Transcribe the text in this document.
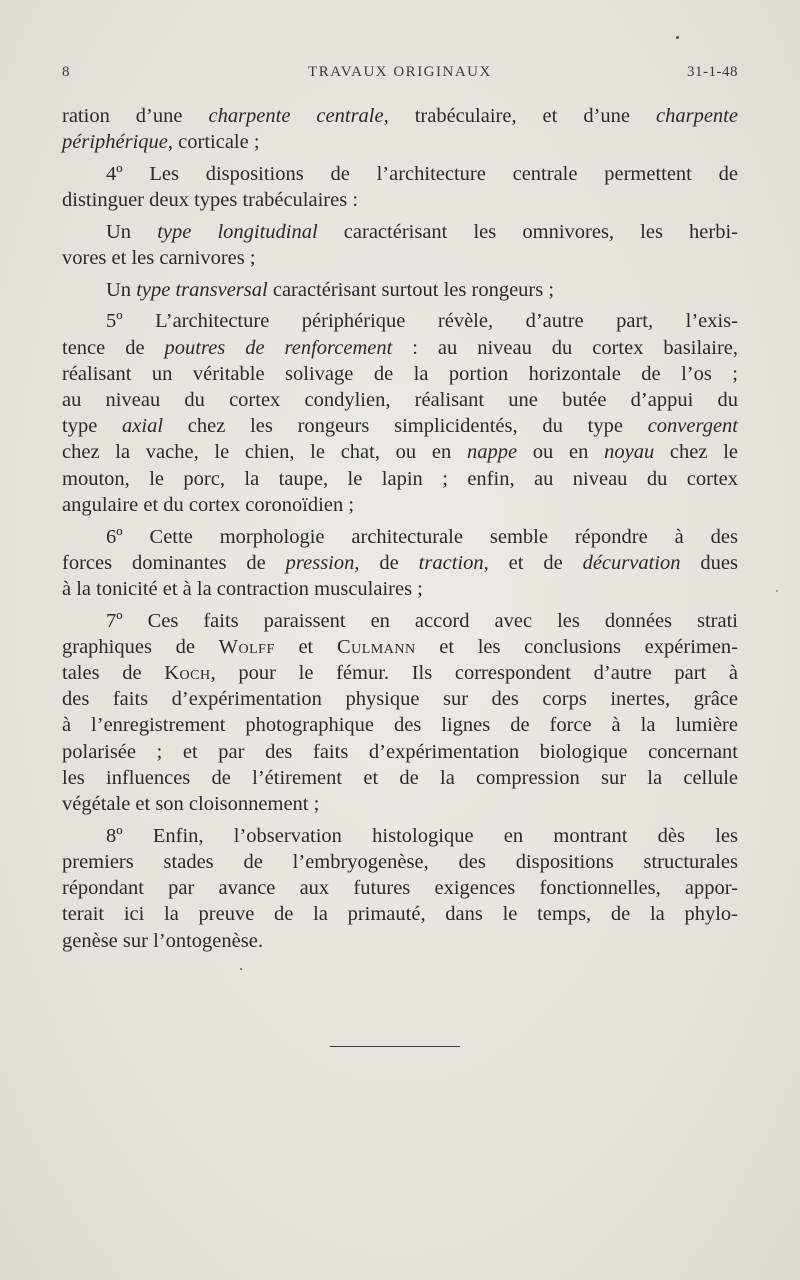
8	TRAVAUX ORIGINAUX	31-1-48
ration d’une charpente centrale, trabéculaire, et d’une charpente
périphérique, corticale ;
4º Les dispositions de l’architecture centrale permettent de
distinguer deux types trabéculaires :
Un type longitudinal caractérisant les omnivores, les herbi-
vores et les carnivores ;
Un type transversal caractérisant surtout les rongeurs ;
5º L’architecture périphérique révèle, d’autre part, l’exis-
tence de poutres de renforcement : au niveau du cortex basilaire,
réalisant un véritable solivage de la portion horizontale de l’os ;
au niveau du cortex condylien, réalisant une butée d’appui du
type axial chez les rongeurs simplicidentés, du type convergent
chez la vache, le chien, le chat, ou en nappe ou en noyau chez le
mouton, le porc, la taupe, le lapin ; enfin, au niveau du cortex
angulaire et du cortex coronoïdien ;
6º Cette morphologie architecturale semble répondre à des
forces dominantes de pression, de traction, et de décurvation dues
à la tonicité et à la contraction musculaires ;
7º Ces faits paraissent en accord avec les données strati
graphiques de Wolff et Culmann et les conclusions expérimen-
tales de Koch, pour le fémur. Ils correspondent d’autre part à
des faits d’expérimentation physique sur des corps inertes, grâce
à l’enregistrement photographique des lignes de force à la lumière
polarisée ; et par des faits d’expérimentation biologique concernant
les influences de l’étirement et de la compression sur la cellule
végétale et son cloisonnement ;
8º Enfin, l’observation histologique en montrant dès les
premiers stades de l’embryogenèse, des dispositions structurales
répondant par avance aux futures exigences fonctionnelles, appor-
terait ici la preuve de la primauté, dans le temps, de la phylo-
genèse sur l’ontogenèse.
